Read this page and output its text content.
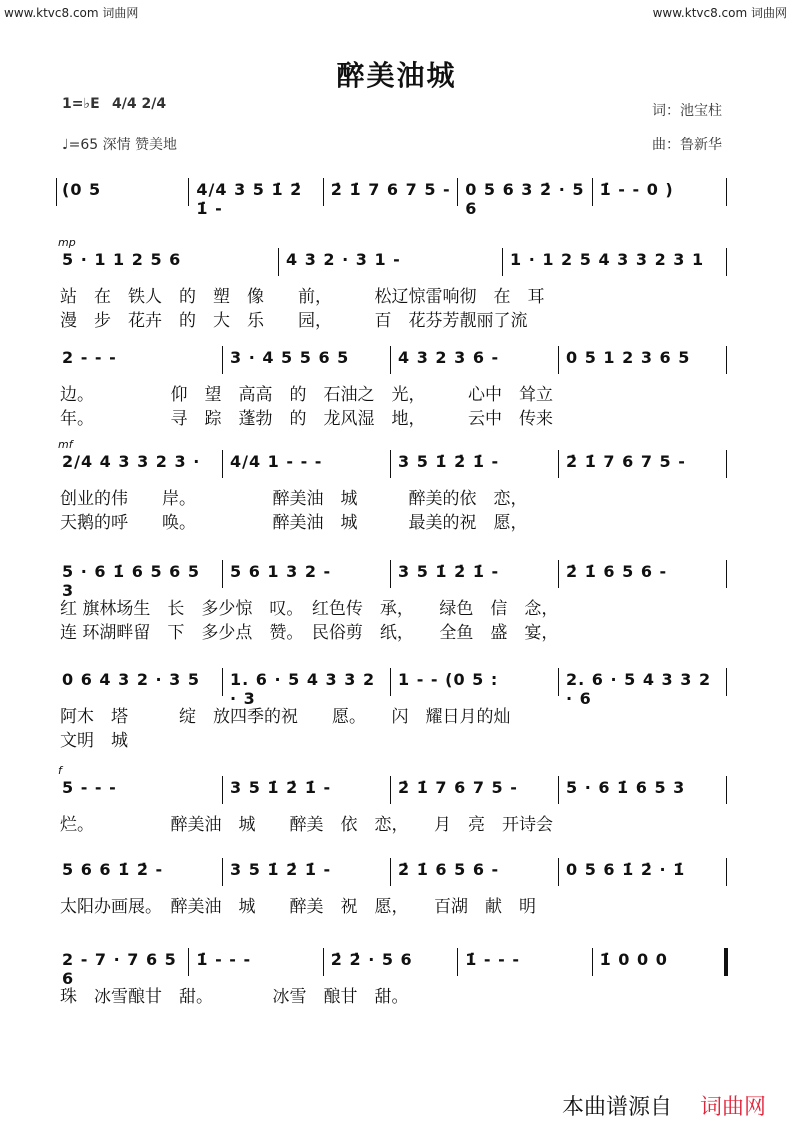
www.ktvc8.com 词曲网	www.ktvc8.com 词曲网
醉美油城
1=♭E 4/4 2/4
♩=65 深情 赞美地
词：池宝柱
曲：鲁新华
(0 5	4/4 3 5 1̇ 2̇ 1̇ -
2̇ 1̇ 7 6 7 5 - 0 5 6 3 2̇ · 5 6
1̇ - - 0 )
mp
5 · 1 1 2 5 6	4 3 2 · 3 1 -	1 · 1 2 5 4 3 3 2 3 1
站　在　铁人　的　塑　像　　前，　　　松辽惊雷响彻　在　耳
漫　步　花卉　的　大　乐　　园，　　　百　花芬芳靓丽了流
2 - - -	3 · 4 5 5 6 5	4 3 2 3 6 -	0 5 1 2 3 6 5
边。　　　　　仰　望　高高　的　石油之　光，　　　心中　耸立
年。　　　　　寻　踪　蓬勃　的　龙风湿　地，　　　云中　传来
mf
2/4 4 3 3 2 3 ·	4/4 1 - - -	3 5 1̇ 2̇ 1̇ -	2̇ 1̇ 7 6 7 5 -
创业的伟　　岸。　　　　　醉美油　城　　　醉美的依　恋，
天鹅的呼　　唤。　　　　　醉美油　城　　　最美的祝　愿，
5 · 6 1̇ 6 5 6 5 3
5 6 1 3 2 -	3 5 1̇ 2̇ 1̇ -	2̇ 1̇ 6 5 6 -
红 旗林场生　长　多少惊　叹。　红色传　承，　　绿色　信　念，
连 环湖畔留　下　多少点　赞。　民俗剪　纸，　　全鱼　盛　宴，
0 6 4 3 2 · 3 5	1. 6 · 5 4 3 3 2 · 3
1 - - (0 5 :	2. 6 · 5 4 3 3 2 · 6
阿木　塔　　　绽　放四季的祝　　愿。　　闪　耀日月的灿
文明　城
f
5 - - -	3 5 1̇ 2̇ 1̇ -	2̇ 1̇ 7 6 7 5 -	5 · 6 1̇ 6 5 3
烂。　　　　　醉美油　城　　醉美　依　恋，　　月　亮　开诗会
5 6 6 1̇ 2̇ -	3 5 1̇ 2̇ 1̇ -	2̇ 1̇ 6 5 6 -	0 5 6 1̇ 2̇ · 1̇
太阳办画展。　醉美油　城　　醉美　祝　愿，　　百湖　献　明
2 - 7 · 7 6 5 6
1̇ - - -	2̇ 2̇ · 5 6	1̇ - - -	1̇ 0 0 0
珠　冰雪酿甘　甜。　　　　冰雪　酿甘　甜。
本曲谱源自 词曲网
